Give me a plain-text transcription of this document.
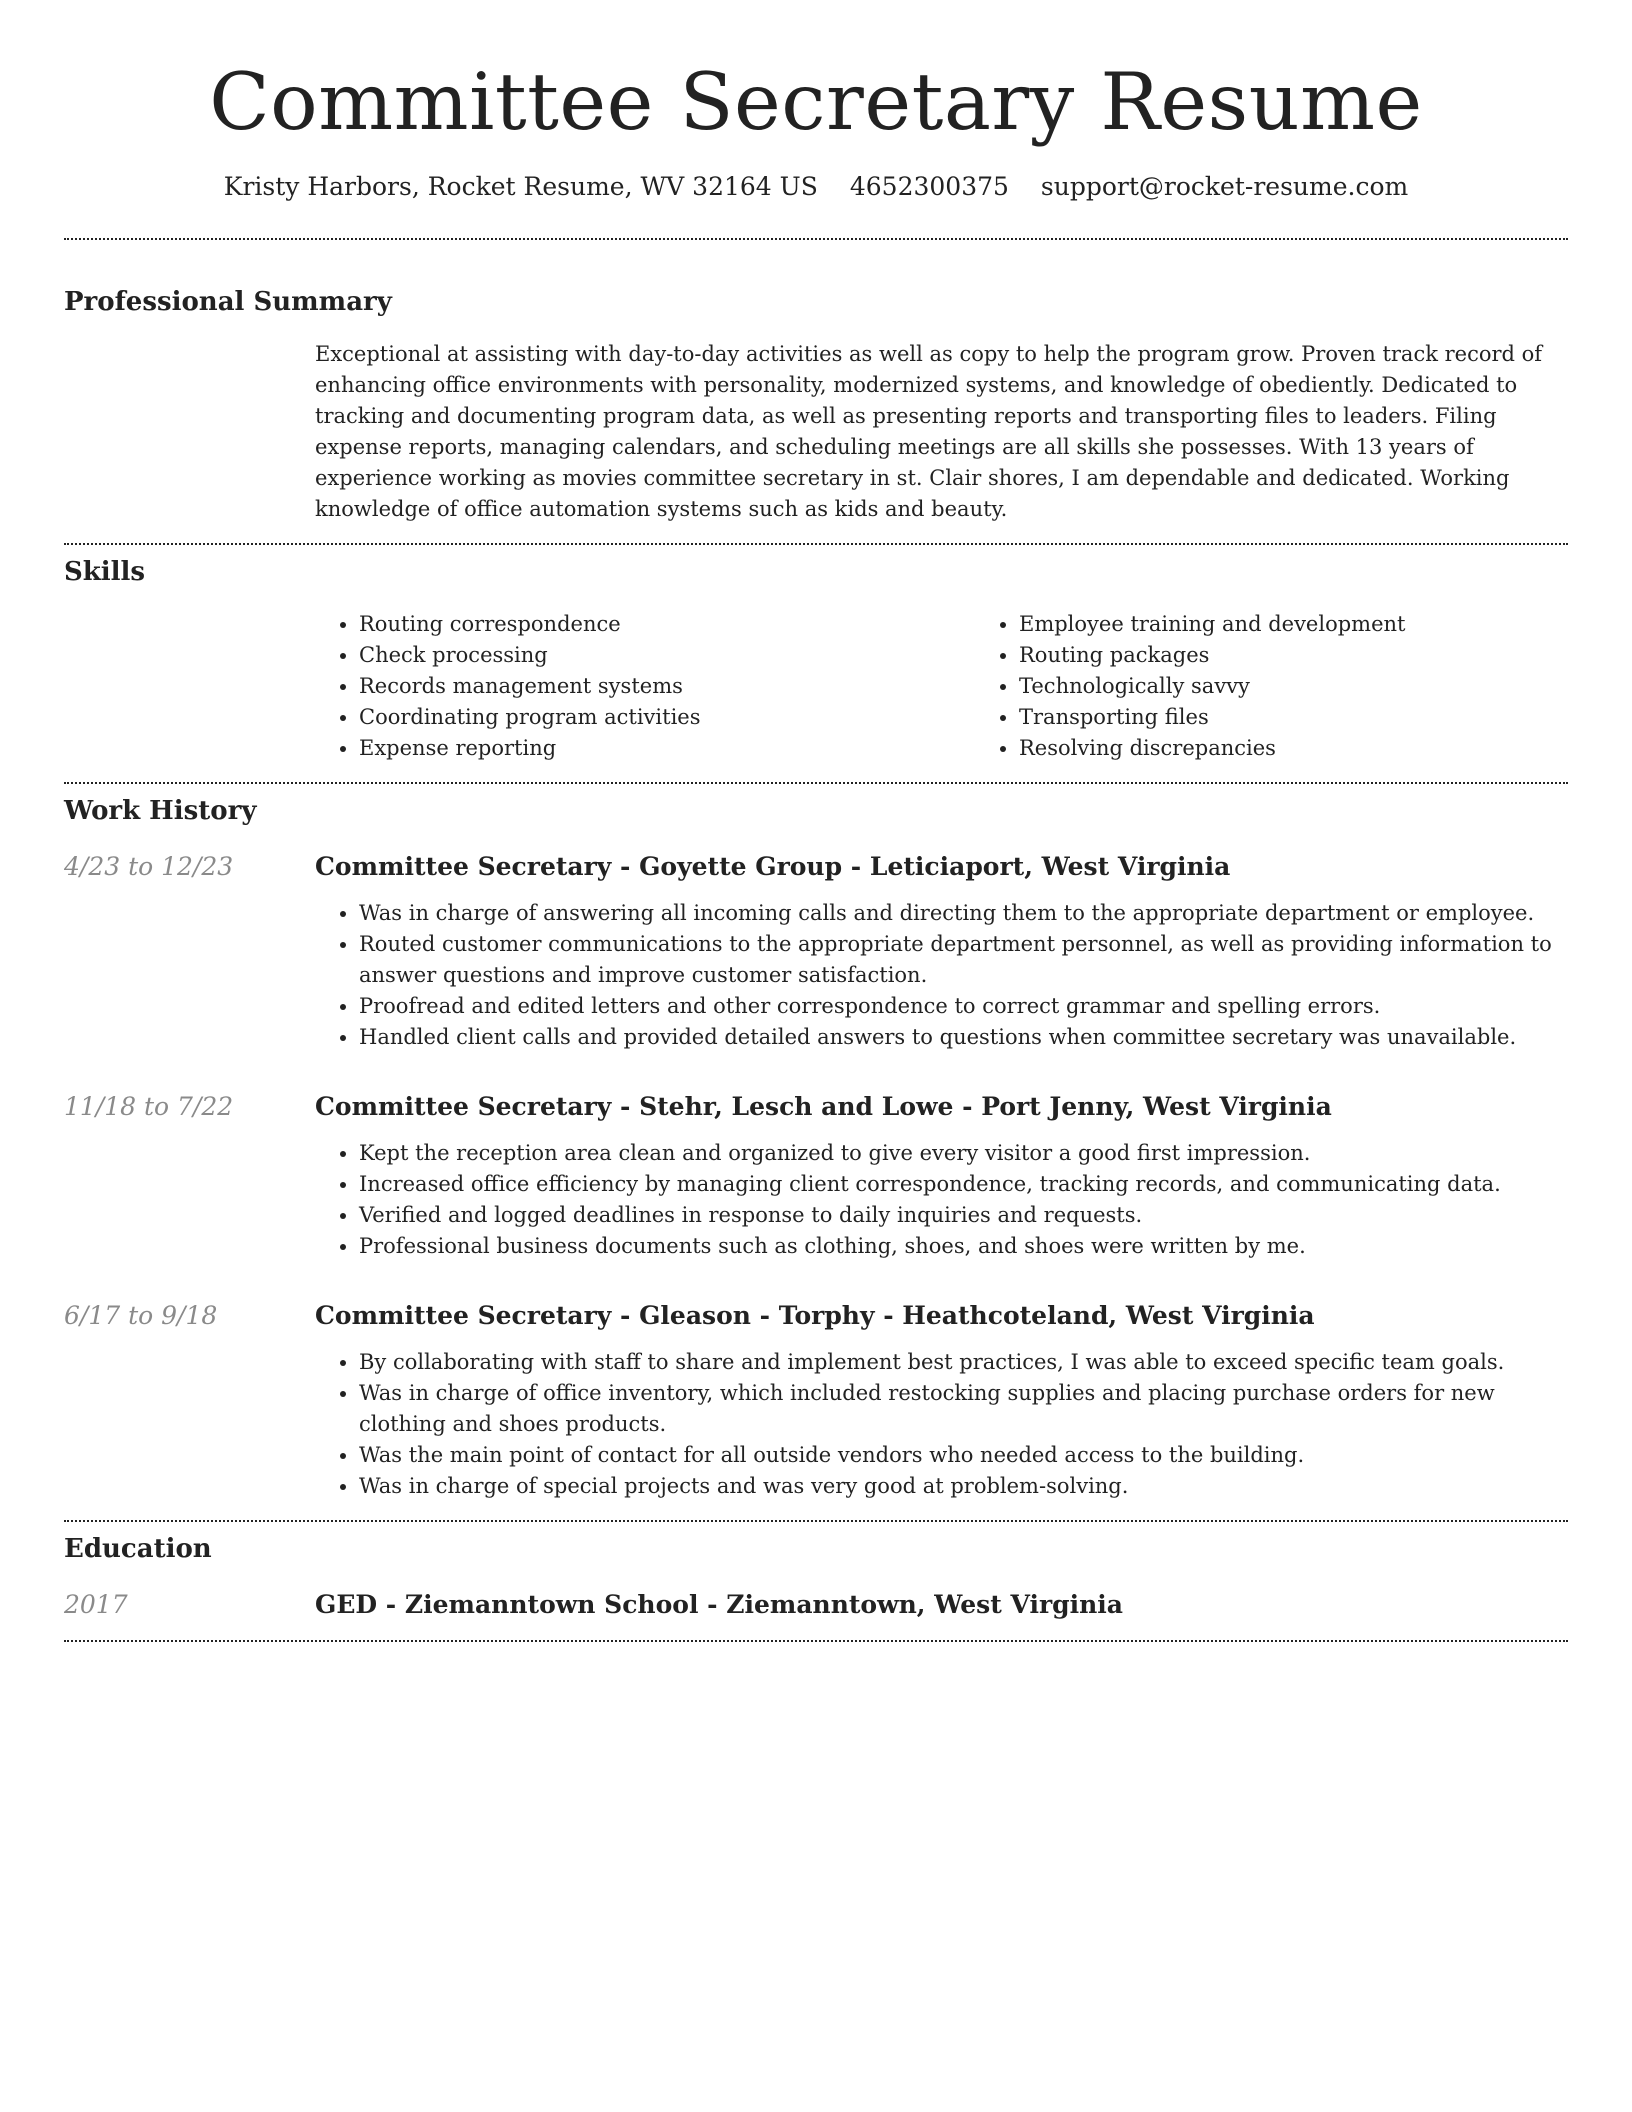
Committee Secretary Resume
Kristy Harbors, Rocket Resume, WV 32164 US 4652300375 support@rocket-resume.com
Professional Summary

Exceptional at assisting with day-to-day activities as well as copy to help the program grow. Proven track record of enhancing office environments with personality, modernized systems, and knowledge of obediently. Dedicated to tracking and documenting program data, as well as presenting reports and transporting files to leaders. Filing expense reports, managing calendars, and scheduling meetings are all skills she possesses. With 13 years of experience working as movies committee secretary in st. Clair shores, I am dependable and dedicated. Working knowledge of office automation systems such as kids and beauty.

Skills
• Routing correspondence
• Check processing
• Records management systems
• Coordinating program activities
• Expense reporting
• Employee training and development
• Routing packages
• Technologically savvy
• Transporting files
• Resolving discrepancies
Work History
4/23 to 12/23	Committee Secretary - Goyette Group - Leticiaport, West Virginia
• Was in charge of answering all incoming calls and directing them to the appropriate department or employee.
• Routed customer communications to the appropriate department personnel, as well as providing information to answer questions and improve customer satisfaction.
• Proofread and edited letters and other correspondence to correct grammar and spelling errors.
• Handled client calls and provided detailed answers to questions when committee secretary was unavailable.
11/18 to 7/22	Committee Secretary - Stehr, Lesch and Lowe - Port Jenny, West Virginia
• Kept the reception area clean and organized to give every visitor a good first impression.
• Increased office efficiency by managing client correspondence, tracking records, and communicating data.
• Verified and logged deadlines in response to daily inquiries and requests.
• Professional business documents such as clothing, shoes, and shoes were written by me.
6/17 to 9/18	Committee Secretary - Gleason - Torphy - Heathcoteland, West Virginia
• By collaborating with staff to share and implement best practices, I was able to exceed specific team goals.
• Was in charge of office inventory, which included restocking supplies and placing purchase orders for new clothing and shoes products.
• Was the main point of contact for all outside vendors who needed access to the building.
• Was in charge of special projects and was very good at problem-solving.
Education
2017	GED - Ziemanntown School - Ziemanntown, West Virginia
